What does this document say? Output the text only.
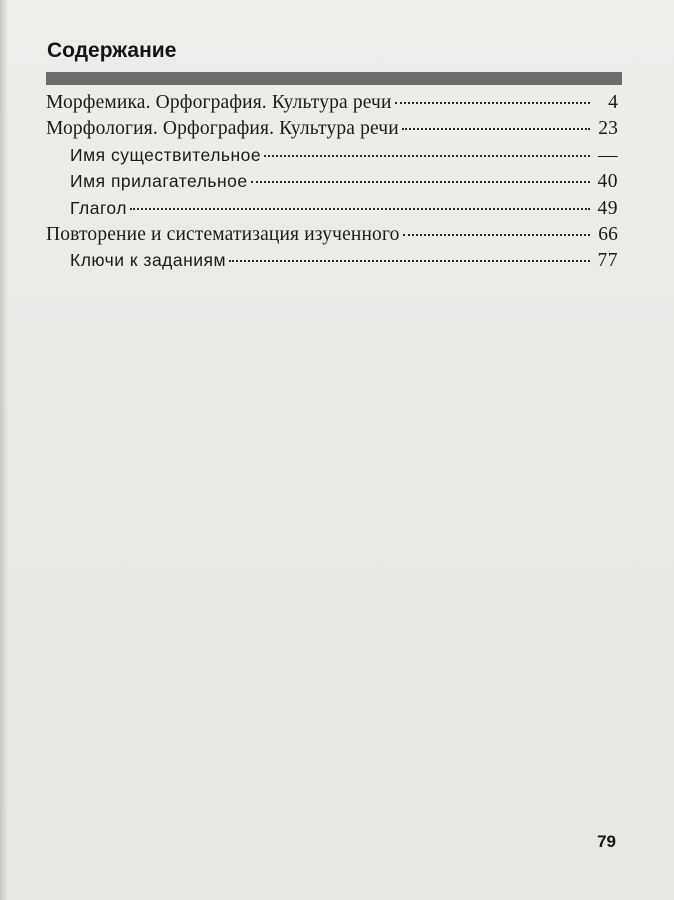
Содержание
Морфемика. Орфография. Культура речи	4
Морфология. Орфография. Культура речи	23
Имя существительное	—
Имя прилагательное	40
Глагол	49
Повторение и систематизация изученного	66
Ключи к заданиям	77
79
